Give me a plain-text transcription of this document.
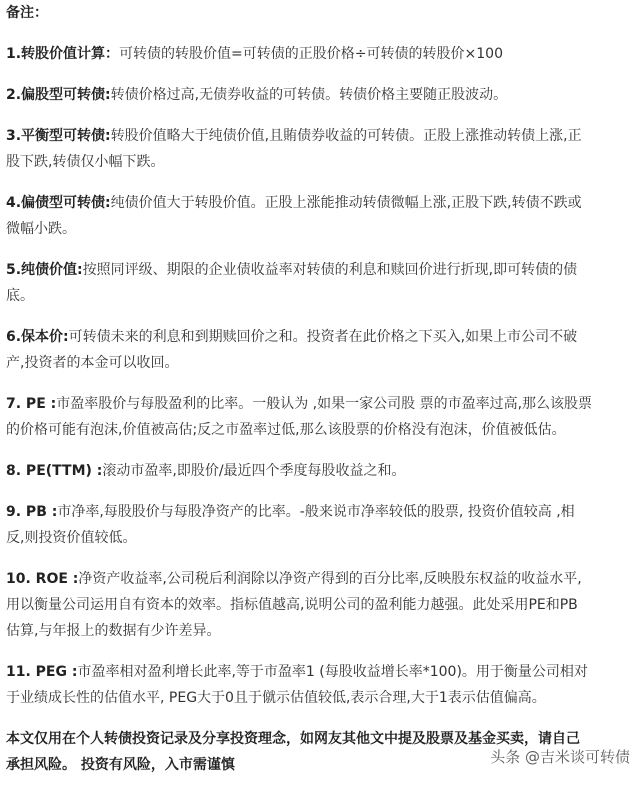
备注：
1.转股价值计算：可转债的转股价值=可转债的正股价格÷可转债的转股价×100
2.偏股型可转债:转债价格过高,无债券收益的可转债。转债价格主要随正股波动。
3.平衡型可转债:转股价值略大于纯债价值,且賄债券收益的可转债。正股上涨推动转债上涨,正
股下跌,转债仅小幅下跌。
4.偏债型可转债:纯债价值大于转股价值。正股上涨能推动转债微幅上涨,正股下跌,转债不跌或
微幅小跌。
5.纯债价值:按照同评级、期限的企业债收益率对转债的利息和赎回价进行折现,即可转债的债
底。
6.保本价:可转债未来的利息和到期赎回价之和。投资者在此价格之下买入,如果上市公司不破
产,投资者的本金可以收回。
7. PE :市盈率股价与每股盈利的比率。一般认为 ,如果一家公司股 票的市盈率过高,那么该股票
的价格可能有泡沫,价值被高估;反之市盈率过低,那么该股票的价格没有泡沫，价值被低估。
8. PE(TTM) :滚动市盈率,即股价/最近四个季度每股收益之和。
9. PB :市净率,每股股价与每股净资产的比率。-般来说市净率较低的股票, 投资价值较高 ,相
反,则投资价值较低。
10. ROE :净资产收益率,公司税后利润除以净资产得到的百分比率,反映股东权益的收益水平,
用以衡量公司运用自有资本的效率。指标值越高,说明公司的盈利能力越强。此处采用PE和PB
估算,与年报上的数据有少许差异。
11. PEG :市盈率相对盈利增长此率,等于市盈率1 (每股收益增长率*100)。用于衡量公司相对
于业绩成长性的估值水平, PEG大于0且于僦示估值较低,表示合理,大于1表示估值偏高。
本文仅用在个人转债投资记录及分享投资理念，如网友其他文中提及股票及基金买卖，请自己
承担风险。 投资有风险，入市需谨慎	头条 @吉米谈可转债
